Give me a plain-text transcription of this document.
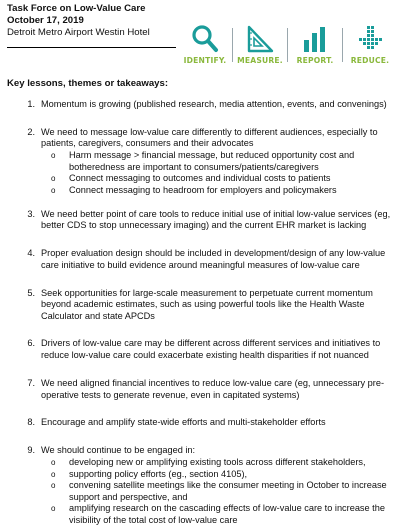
Task Force on Low-Value Care
October 17, 2019
Detroit Metro Airport Westin Hotel
IDENTIFY.	MEASURE.	REPORT.	REDUCE.
Key lessons, themes or takeaways:
1. Momentum is growing (published research, media attention, events, and convenings)
2. We need to message low-value care differently to different audiences, especially to patients, caregivers, consumers and their advocates
o Harm message > financial message, but reduced opportunity cost and botheredness are important to consumers/patients/caregivers
o Connect messaging to outcomes and individual costs to patients
o Connect messaging to headroom for employers and policymakers
3. We need better point of care tools to reduce initial use of initial low-value services (eg, better CDS to stop unnecessary imaging) and the current EHR market is lacking
4. Proper evaluation design should be included in development/design of any low-value care initiative to build evidence around meaningful measures of low-value care
5. Seek opportunities for large-scale measurement to perpetuate current momentum beyond academic estimates, such as using powerful tools like the Health Waste Calculator and state APCDs
6. Drivers of low-value care may be different across different services and initiatives to reduce low-value care could exacerbate existing health disparities if not nuanced
7. We need aligned financial incentives to reduce low-value care (eg, unnecessary pre-operative tests to generate revenue, even in capitated systems)
8. Encourage and amplify state-wide efforts and multi-stakeholder efforts
9. We should continue to be engaged in:
o developing new or amplifying existing tools across different stakeholders,
o supporting policy efforts (eg., section 4105),
o convening satellite meetings like the consumer meeting in October to increase support and perspective, and
o amplifying research on the cascading effects of low-value care to increase the visibility of the total cost of low-value care
